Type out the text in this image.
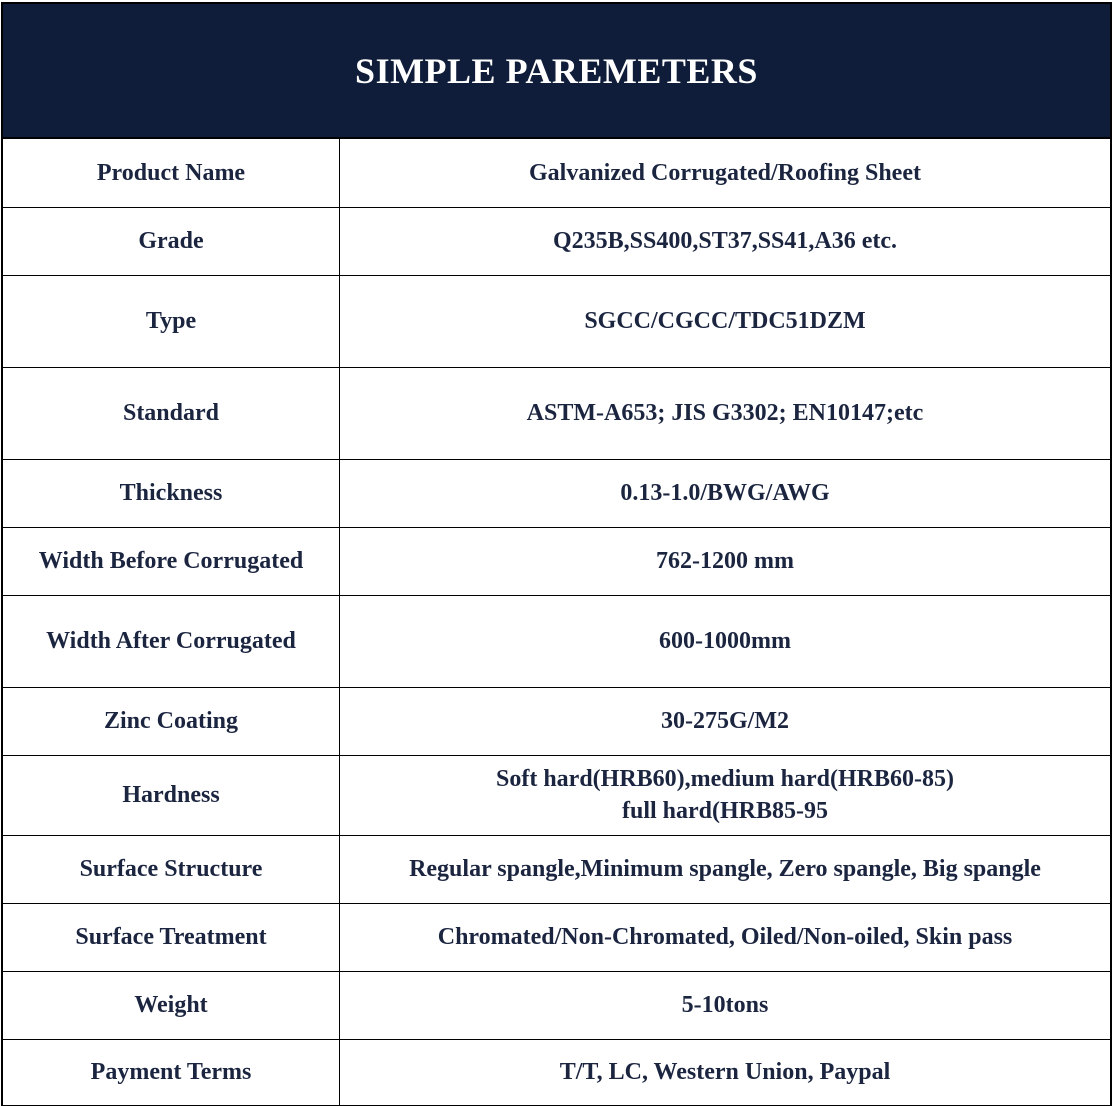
SIMPLE PAREMETERS
Product Name	Galvanized Corrugated/Roofing Sheet
Grade	Q235B,SS400,ST37,SS41,A36 etc.
Type	SGCC/CGCC/TDC51DZM
Standard	ASTM-A653; JIS G3302; EN10147;etc
Thickness	0.13-1.0/BWG/AWG
Width Before Corrugated	762-1200 mm
Width After Corrugated	600-1000mm
Zinc Coating	30-275G/M2
Hardness	Soft hard(HRB60),medium hard(HRB60-85)
full hard(HRB85-95

Surface Structure	Regular spangle,Minimum spangle, Zero spangle, Big spangle
Surface Treatment	Chromated/Non-Chromated, Oiled/Non-oiled, Skin pass
Weight	5-10tons
Payment Terms	T/T, LC, Western Union, Paypal
